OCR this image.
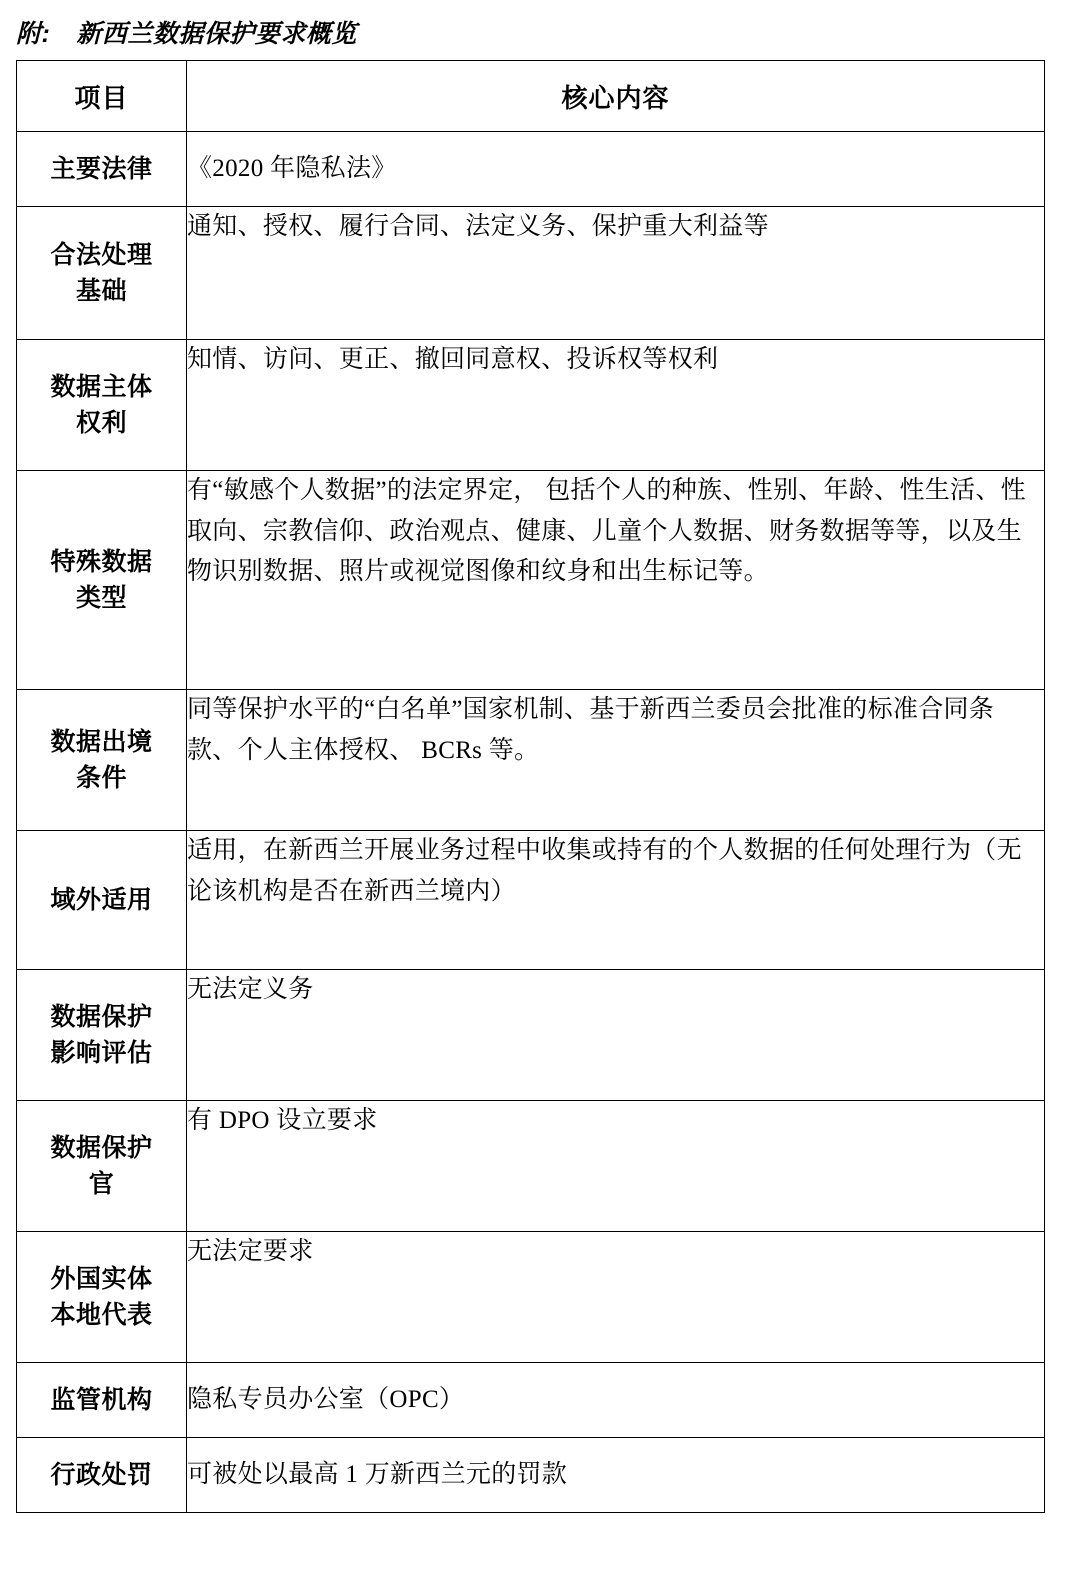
附: 新西兰数据保护要求概览
项目	核心内容
主要法律	《2020 年隐私法》

合法处理
基础	通知、授权、履行合同、法定义务、保护重大利益等

数据主体
权利	知情、访问、更正、撤回同意权、投诉权等权利

特殊数据
类型	有“敏感个人数据”的法定界定， 包括个人的种族、性别、年龄、性生活、性取向、宗教信仰、政治观点、健康、儿童个人数据、财务数据等等，以及生物识别数据、照片或视觉图像和纹身和出生标记等。

数据出境
条件	同等保护水平的“白名单”国家机制、基于新西兰委员会批准的标准合同条款、个人主体授权、 BCRs 等。

域外适用	适用，在新西兰开展业务过程中收集或持有的个人数据的任何处理行为（无论该机构是否在新西兰境内）

数据保护
影响评估	无法定义务

数据保护
官	有 DPO 设立要求

外国实体
本地代表	无法定要求

监管机构	隐私专员办公室（OPC）

行政处罚	可被处以最高 1 万新西兰元的罚款
